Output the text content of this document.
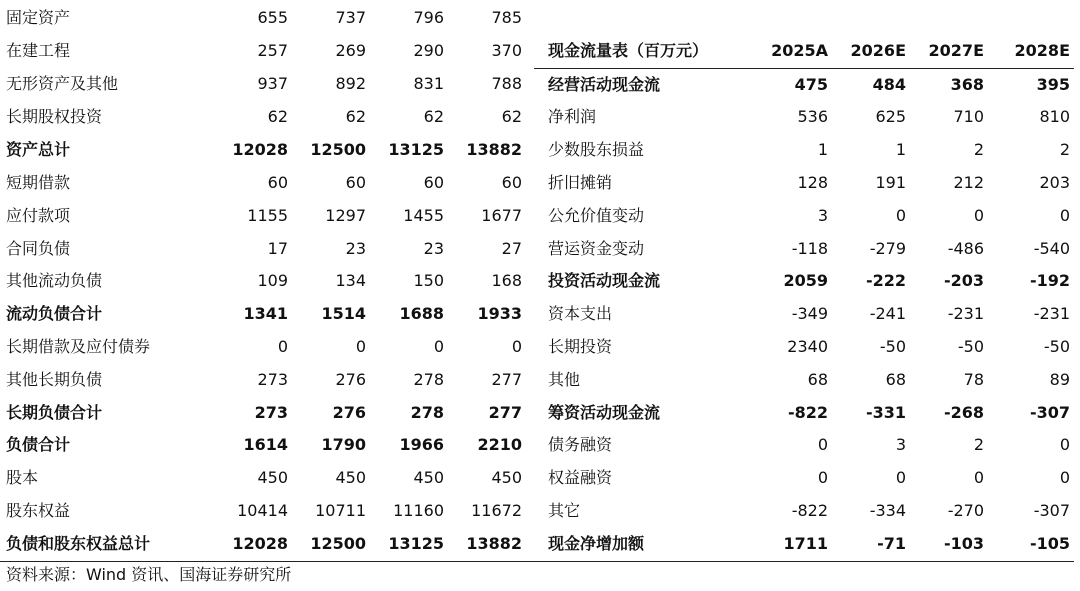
固定资产	655	737	796	785						
在建工程	257	269	290	370		现金流量表（百万元）	2025A	2026E	2027E	2028E
无形资产及其他	937	892	831	788		经营活动现金流	475	484	368	395
长期股权投资	62	62	62	62		净利润	536	625	710	810
资产总计	12028	12500	13125	13882		少数股东损益	1	1	2	2
短期借款	60	60	60	60		折旧摊销	128	191	212	203
应付款项	1155	1297	1455	1677		公允价值变动	3	0	0	0
合同负债	17	23	23	27		营运资金变动	-118	-279	-486	-540
其他流动负债	109	134	150	168		投资活动现金流	2059	-222	-203	-192
流动负债合计	1341	1514	1688	1933		资本支出	-349	-241	-231	-231
长期借款及应付债券	0	0	0	0		长期投资	2340	-50	-50	-50
其他长期负债	273	276	278	277		其他	68	68	78	89
长期负债合计	273	276	278	277		筹资活动现金流	-822	-331	-268	-307
负债合计	1614	1790	1966	2210		债务融资	0	3	2	0
股本	450	450	450	450		权益融资	0	0	0	0
股东权益	10414	10711	11160	11672		其它	-822	-334	-270	-307
负债和股东权益总计	12028	12500	13125	13882		现金净增加额	1711	-71	-103	-105
资料来源：Wind 资讯、国海证券研究所
